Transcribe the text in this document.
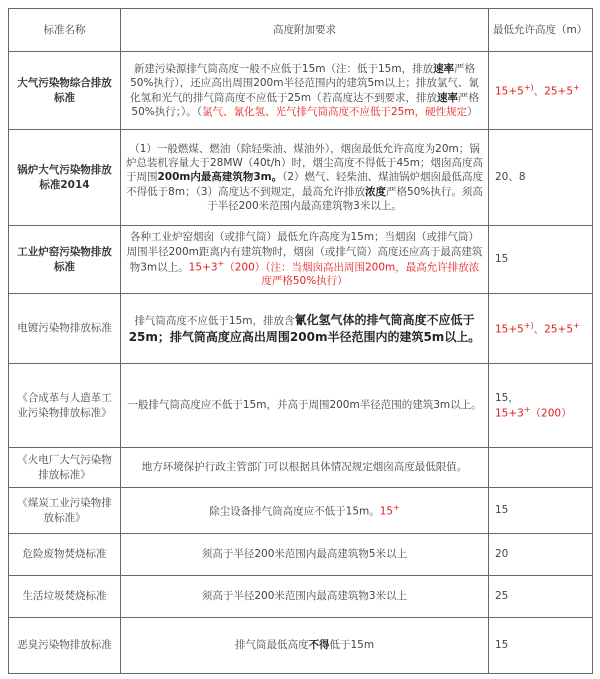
标准名称	高度附加要求	最低允许高度（m）
大气污染物综合排放标准	新建污染源排气筒高度一般不应低于15m（注：低于15m，排放速率严格50%执行），还应高出周围200m半径范围内的建筑5m以上；排放氯气、氰化氢和光气的排气筒高度不应低于25m（若高度达不到要求，排放速率严格50%执行；）。（氯气、氰化氢、光气排气筒高度不应低于25m，硬性规定）	15+5+)、25+5+
锅炉大气污染物排放标准2014	（1）一般燃煤、燃油（除轻柴油、煤油外），烟囱最低允许高度为20m；锅炉总装机容量大于28MW（40t/h）时，烟尘高度不得低于45m；烟囱高度高于周围200m内最高建筑物3m。（2）燃气、轻柴油、煤油锅炉烟囱最低高度不得低于8m；（3）高度达不到规定，最高允许排放浓度严格50%执行。须高于半径200米范围内最高建筑物3米以上。	20、8
工业炉窑污染物排放标准	各种工业炉窑烟囱（或排气筒）最低允许高度为15m；当烟囱（或排气筒）周围半径200m距离内有建筑物时，烟囱（或排气筒）高度还应高于最高建筑物3m以上。15+3+（200）（注：当烟囱高出周围200m，最高允许排放浓度严格50%执行）	15
电镀污染物排放标准	排气筒高度不应低于15m，排放含氰化氢气体的排气筒高度不应低于25m；排气筒高度应高出周围200m半径范围内的建筑5m以上。	15+5+)、25+5+
《合成革与人造革工业污染物排放标准》	一般排气筒高度应不低于15m，并高于周围200m半径范围的建筑3m以上。	15，15+3+（200）
《火电厂大气污染物排放标准》	地方环境保护行政主管部门可以根据具体情况规定烟囱高度最低限值。	
《煤炭工业污染物排放标准》	除尘设备排气筒高度应不低于15m。15+	15
危险废物焚烧标准	须高于半径200米范围内最高建筑物5米以上	20
生活垃圾焚烧标准	须高于半径200米范围内最高建筑物3米以上	25
恶臭污染物排放标准	排气筒最低高度不得低于15m	15
